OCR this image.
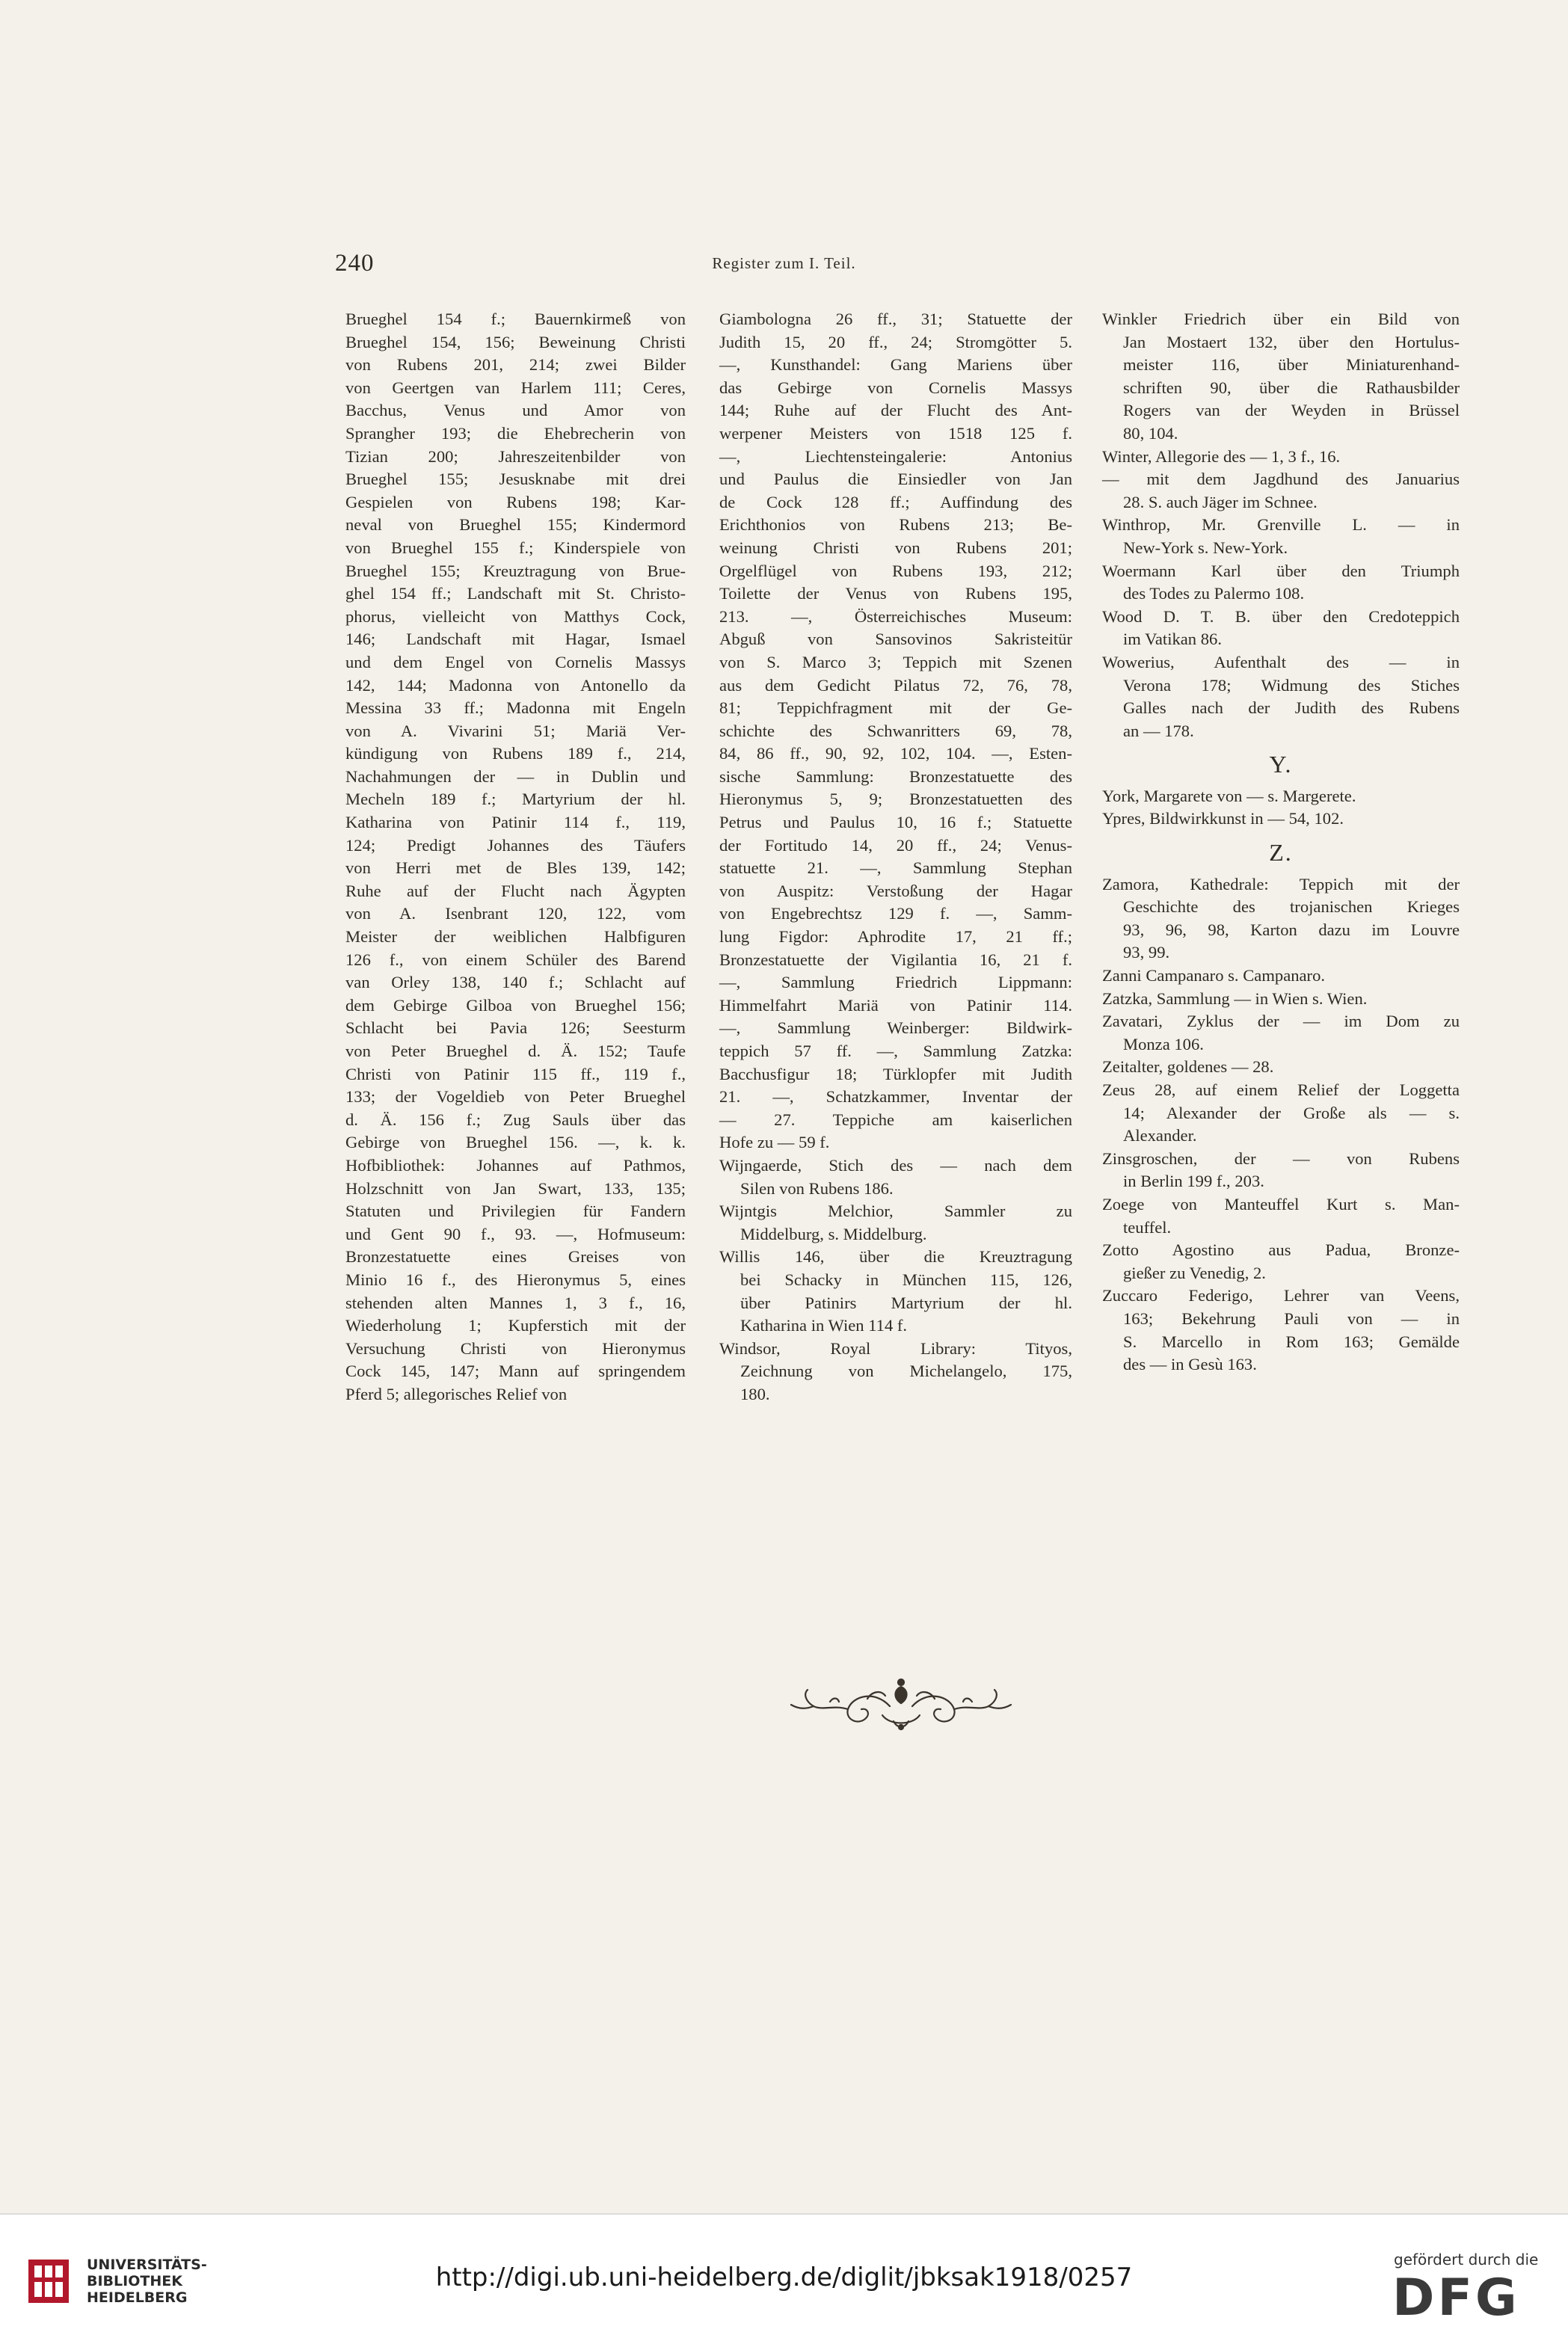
240	Register zum I. Teil.
Brueghel 154 f.; Bauernkirmeß von
Brueghel 154, 156; Beweinung Christi
von Rubens 201, 214; zwei Bilder
von Geertgen van Harlem 111; Ceres,
Bacchus, Venus und Amor von
Sprangher 193; die Ehebrecherin von
Tizian 200; Jahreszeitenbilder von
Brueghel 155; Jesusknabe mit drei
Gespielen von Rubens 198; Kar-
neval von Brueghel 155; Kindermord
von Brueghel 155 f.; Kinderspiele von
Brueghel 155; Kreuztragung von Brue-
ghel 154 ff.; Landschaft mit St. Christo-
phorus, vielleicht von Matthys Cock,
146; Landschaft mit Hagar, Ismael
und dem Engel von Cornelis Massys
142, 144; Madonna von Antonello da
Messina 33 ff.; Madonna mit Engeln
von A. Vivarini 51; Mariä Ver-
kündigung von Rubens 189 f., 214,
Nachahmungen der — in Dublin und
Mecheln 189 f.; Martyrium der hl.
Katharina von Patinir 114 f., 119,
124; Predigt Johannes des Täufers
von Herri met de Bles 139, 142;
Ruhe auf der Flucht nach Ägypten
von A. Isenbrant 120, 122, vom
Meister der weiblichen Halbfiguren
126 f., von einem Schüler des Barend
van Orley 138, 140 f.; Schlacht auf
dem Gebirge Gilboa von Brueghel 156;
Schlacht bei Pavia 126; Seesturm
von Peter Brueghel d. Ä. 152; Taufe
Christi von Patinir 115 ff., 119 f.,
133; der Vogeldieb von Peter Brueghel
d. Ä. 156 f.; Zug Sauls über das
Gebirge von Brueghel 156. —, k. k.
Hofbibliothek: Johannes auf Pathmos,
Holzschnitt von Jan Swart, 133, 135;
Statuten und Privilegien für Fandern
und Gent 90 f., 93. —, Hofmuseum:
Bronzestatuette eines Greises von
Minio 16 f., des Hieronymus 5, eines
stehenden alten Mannes 1, 3 f., 16,
Wiederholung 1; Kupferstich mit der
Versuchung Christi von Hieronymus
Cock 145, 147; Mann auf springendem
Pferd 5; allegorisches Relief von
Giambologna 26 ff., 31; Statuette der
Judith 15, 20 ff., 24; Stromgötter 5.
—, Kunsthandel: Gang Mariens über
das Gebirge von Cornelis Massys
144; Ruhe auf der Flucht des Ant-
werpener Meisters von 1518 125 f.
—, Liechtensteingalerie: Antonius
und Paulus die Einsiedler von Jan
de Cock 128 ff.; Auffindung des
Erichthonios von Rubens 213; Be-
weinung Christi von Rubens 201;
Orgelflügel von Rubens 193, 212;
Toilette der Venus von Rubens 195,
213. —, Österreichisches Museum:
Abguß von Sansovinos Sakristeitür
von S. Marco 3; Teppich mit Szenen
aus dem Gedicht Pilatus 72, 76, 78,
81; Teppichfragment mit der Ge-
schichte des Schwanritters 69, 78,
84, 86 ff., 90, 92, 102, 104. —, Esten-
sische Sammlung: Bronzestatuette des
Hieronymus 5, 9; Bronzestatuetten des
Petrus und Paulus 10, 16 f.; Statuette
der Fortitudo 14, 20 ff., 24; Venus-
statuette 21. —, Sammlung Stephan
von Auspitz: Verstoßung der Hagar
von Engebrechtsz 129 f. —, Samm-
lung Figdor: Aphrodite 17, 21 ff.;
Bronzestatuette der Vigilantia 16, 21 f.
—, Sammlung Friedrich Lippmann:
Himmelfahrt Mariä von Patinir 114.
—, Sammlung Weinberger: Bildwirk-
teppich 57 ff. —, Sammlung Zatzka:
Bacchusfigur 18; Türklopfer mit Judith
21. —, Schatzkammer, Inventar der
— 27. Teppiche am kaiserlichen
Hofe zu — 59 f.
Wijngaerde, Stich des — nach dem
Silen von Rubens 186.
Wijntgis Melchior, Sammler zu
Middelburg, s. Middelburg.
Willis 146, über die Kreuztragung
bei Schacky in München 115, 126,
über Patinirs Martyrium der hl.
Katharina in Wien 114 f.
Windsor, Royal Library: Tityos,
Zeichnung von Michelangelo, 175,
180.
Winkler Friedrich über ein Bild von
Jan Mostaert 132, über den Hortulus-
meister 116, über Miniaturenhand-
schriften 90, über die Rathausbilder
Rogers van der Weyden in Brüssel
80, 104.
Winter, Allegorie des — 1, 3 f., 16.
— mit dem Jagdhund des Januarius
28. S. auch Jäger im Schnee.
Winthrop, Mr. Grenville L. — in
New-York s. New-York.
Woermann Karl über den Triumph
des Todes zu Palermo 108.
Wood D. T. B. über den Credoteppich
im Vatikan 86.
Wowerius, Aufenthalt des — in
Verona 178; Widmung des Stiches
Galles nach der Judith des Rubens
an — 178.
Y.
York, Margarete von — s. Margerete.
Ypres, Bildwirkkunst in — 54, 102.
Z.
Zamora, Kathedrale: Teppich mit der
Geschichte des trojanischen Krieges
93, 96, 98, Karton dazu im Louvre
93, 99.
Zanni Campanaro s. Campanaro.
Zatzka, Sammlung — in Wien s. Wien.
Zavatari, Zyklus der — im Dom zu
Monza 106.
Zeitalter, goldenes — 28.
Zeus 28, auf einem Relief der Loggetta
14; Alexander der Große als — s.
Alexander.
Zinsgroschen, der — von Rubens
in Berlin 199 f., 203.
Zoege von Manteuffel Kurt s. Man-
teuffel.
Zotto Agostino aus Padua, Bronze-
gießer zu Venedig, 2.
Zuccaro Federigo, Lehrer van Veens,
163; Bekehrung Pauli von — in
S. Marcello in Rom 163; Gemälde
des — in Gesù 163.
UNIVERSITÄTS-
BIBLIOTHEK
HEIDELBERG
http://digi.ub.uni-heidelberg.de/diglit/jbksak1918/0257
gefördert durch die
DFG
